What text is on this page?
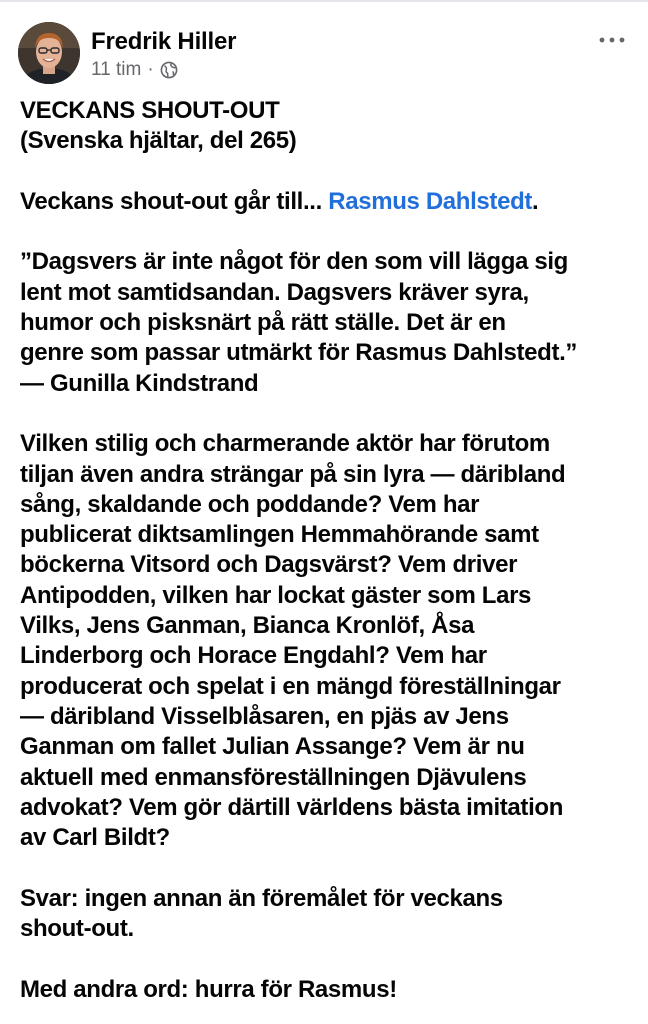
Fredrik Hiller
11 tim ·

VECKANS SHOUT-OUT
(Svenska hjältar, del 265)

Veckans shout-out går till... Rasmus Dahlstedt.

”Dagsvers är inte något för den som vill lägga sig
lent mot samtidsandan. Dagsvers kräver syra,
humor och pisksnärt på rätt ställe. Det är en
genre som passar utmärkt för Rasmus Dahlstedt.”
— Gunilla Kindstrand

Vilken stilig och charmerande aktör har förutom
tiljan även andra strängar på sin lyra — däribland
sång, skaldande och poddande? Vem har
publicerat diktsamlingen Hemmahörande samt
böckerna Vitsord och Dagsvärst? Vem driver
Antipodden, vilken har lockat gäster som Lars
Vilks, Jens Ganman, Bianca Kronlöf, Åsa
Linderborg och Horace Engdahl? Vem har
producerat och spelat i en mängd föreställningar
— däribland Visselblåsaren, en pjäs av Jens
Ganman om fallet Julian Assange? Vem är nu
aktuell med enmansföreställningen Djävulens
advokat? Vem gör därtill världens bästa imitation
av Carl Bildt?

Svar: ingen annan än föremålet för veckans
shout-out.

Med andra ord: hurra för Rasmus!
